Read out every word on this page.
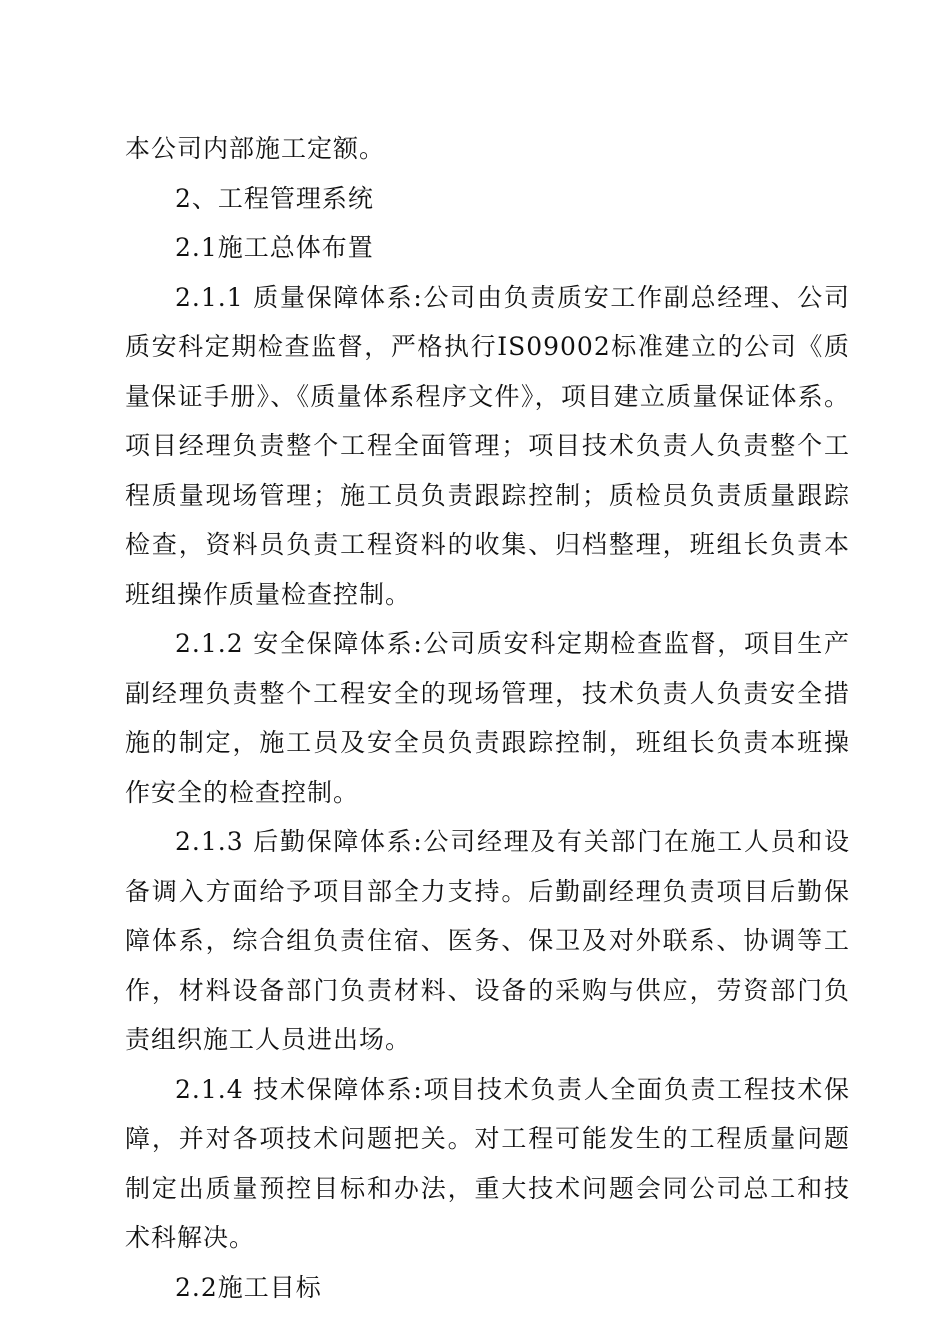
本公司内部施工定额。

2、工程管理系统

2.1施工总体布置

2.1.1 质量保障体系:公司由负责质安工作副总经理、公司质安科定期检查监督，严格执行IS09002标准建立的公司《质量保证手册》、《质量体系程序文件》，项目建立质量保证体系。项目经理负责整个工程全面管理；项目技术负责人负责整个工程质量现场管理；施工员负责跟踪控制；质检员负责质量跟踪检查，资料员负责工程资料的收集、归档整理，班组长负责本班组操作质量检查控制。

2.1.2 安全保障体系:公司质安科定期检查监督，项目生产副经理负责整个工程安全的现场管理，技术负责人负责安全措施的制定，施工员及安全员负责跟踪控制，班组长负责本班操作安全的检查控制。

2.1.3 后勤保障体系:公司经理及有关部门在施工人员和设备调入方面给予项目部全力支持。后勤副经理负责项目后勤保障体系，综合组负责住宿、医务、保卫及对外联系、协调等工作，材料设备部门负责材料、设备的采购与供应，劳资部门负责组织施工人员进出场。

2.1.4 技术保障体系:项目技术负责人全面负责工程技术保障，并对各项技术问题把关。对工程可能发生的工程质量问题制定出质量预控目标和办法，重大技术问题会同公司总工和技术科解决。

2.2施工目标
